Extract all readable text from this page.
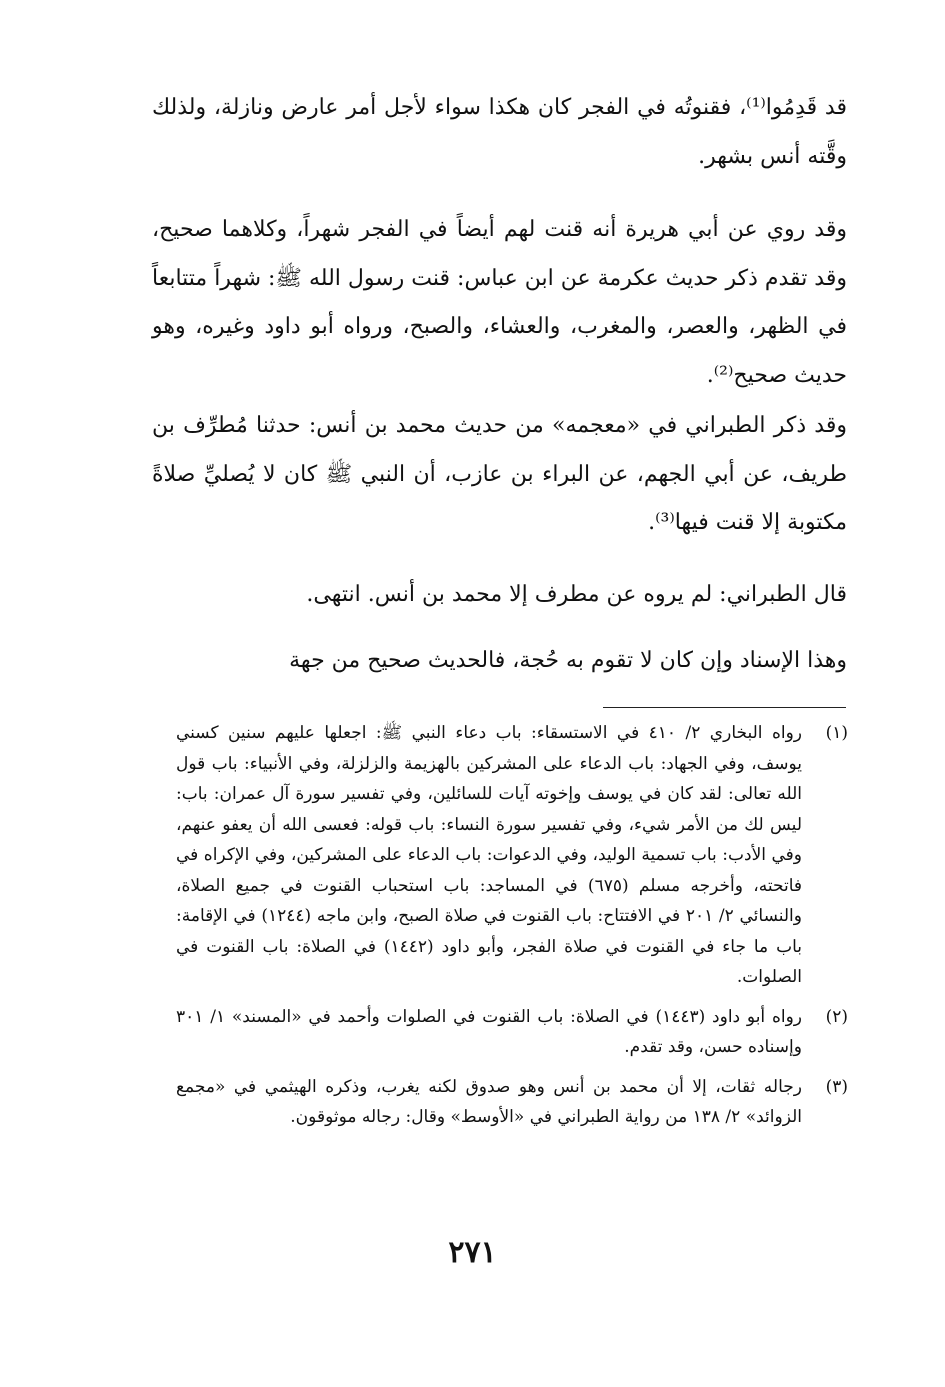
قد قَدِمُوا⁽¹⁾، فقنوتُه في الفجر كان هكذا سواء لأجل أمر عارض ونازلة، ولذلك وقَّته أنس بشهر.

وقد روي عن أبي هريرة أنه قنت لهم أيضاً في الفجر شهراً، وكلاهما صحيح، وقد تقدم ذكر حديث عكرمة عن ابن عباس: قنت رسول الله ﷺ: شهراً متتابعاً في الظهر، والعصر، والمغرب، والعشاء، والصبح، ورواه أبو داود وغيره، وهو حديث صحيح⁽²⁾.

وقد ذكر الطبراني في «معجمه» من حديث محمد بن أنس: حدثنا مُطرِّف بن طريف، عن أبي الجهم، عن البراء بن عازب، أن النبي ﷺ كان لا يُصليِّ صلاةً مكتوبة إلا قنت فيها⁽³⁾.

قال الطبراني: لم يروه عن مطرف إلا محمد بن أنس. انتهى.

وهذا الإسناد وإن كان لا تقوم به حُجة، فالحديث صحيح من جهة

(١)
رواه البخاري ٢/ ٤١٠ في الاستسقاء: باب دعاء النبي ﷺ: اجعلها عليهم سنين كسني يوسف، وفي الجهاد: باب الدعاء على المشركين بالهزيمة والزلزلة، وفي الأنبياء: باب قول الله تعالى: لقد كان في يوسف وإخوته آيات للسائلين، وفي تفسير سورة آل عمران: باب: ليس لك من الأمر شيء، وفي تفسير سورة النساء: باب قوله: فعسى الله أن يعفو عنهم، وفي الأدب: باب تسمية الوليد، وفي الدعوات: باب الدعاء على المشركين، وفي الإكراه في فاتحته، وأخرجه مسلم (٦٧٥) في المساجد: باب استحباب القنوت في جميع الصلاة، والنسائي ٢/ ٢٠١ في الافتتاح: باب القنوت في صلاة الصبح، وابن ماجه (١٢٤٤) في الإقامة: باب ما جاء في القنوت في صلاة الفجر، وأبو داود (١٤٤٢) في الصلاة: باب القنوت في الصلوات.
(٢)
رواه أبو داود (١٤٤٣) في الصلاة: باب القنوت في الصلوات وأحمد في «المسند» ١/ ٣٠١ وإسناده حسن، وقد تقدم.
(٣)
رجاله ثقات، إلا أن محمد بن أنس وهو صدوق لكنه يغرب، وذكره الهيثمي في «مجمع الزوائد» ٢/ ١٣٨ من رواية الطبراني في «الأوسط» وقال: رجاله موثوقون.
٢٧١
